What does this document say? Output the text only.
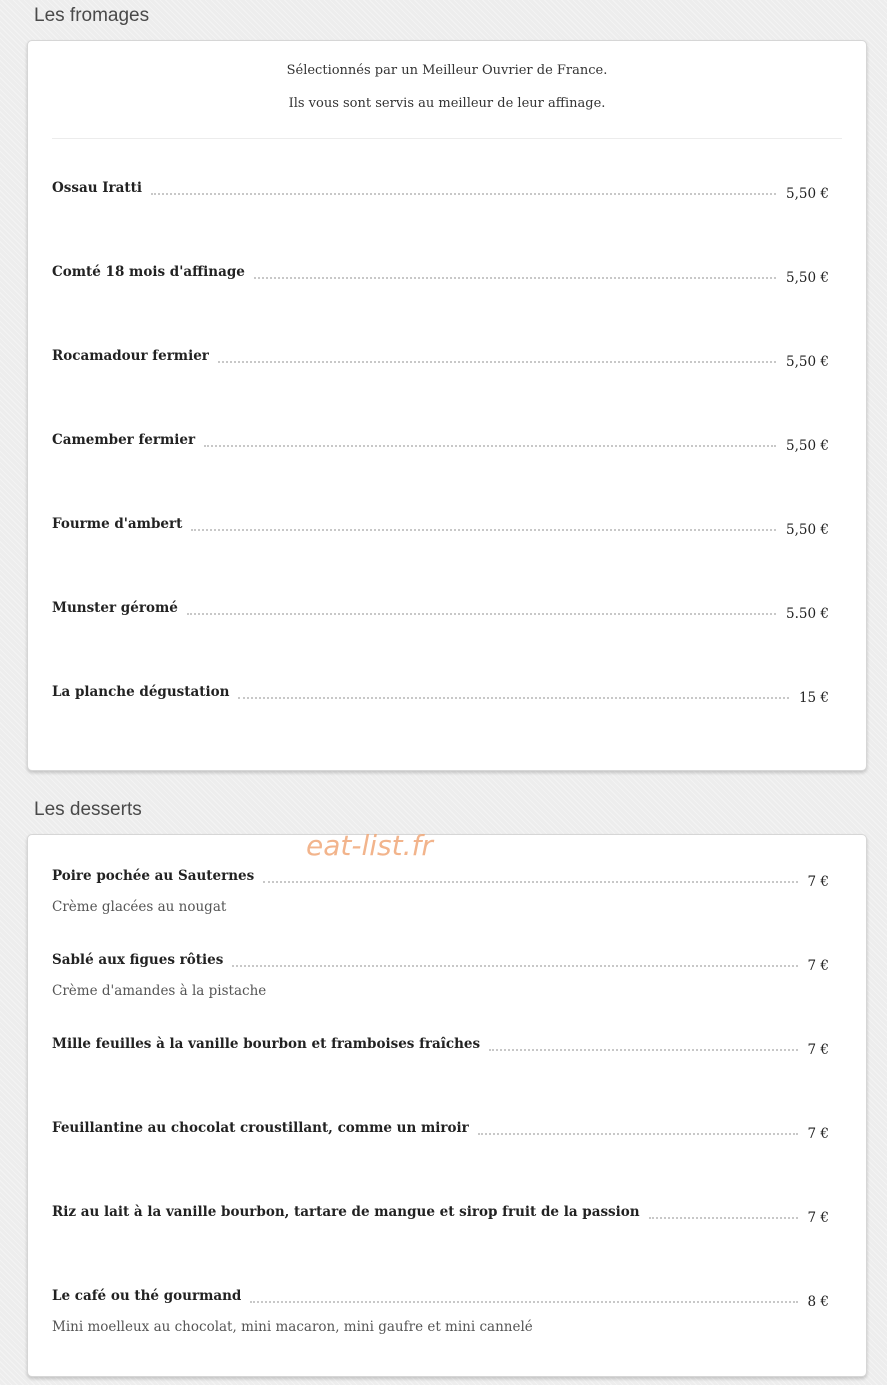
Les fromages

Sélectionnés par un Meilleur Ouvrier de France.

Ils vous sont servis au meilleur de leur affinage.

Ossau Iratti	5,50 €
Comté 18 mois d'affinage	5,50 €
Rocamadour fermier	5,50 €
Camember fermier	5,50 €
Fourme d'ambert	5,50 €
Munster géromé	5.50 €
La planche dégustation	15 €
Les desserts
Poire pochée au Sauternes	7 €
Crème glacées au nougat
Sablé aux figues rôties	7 €
Crème d'amandes à la pistache
Mille feuilles à la vanille bourbon et framboises fraîches	7 €
Feuillantine au chocolat croustillant, comme un miroir	7 €
Riz au lait à la vanille bourbon, tartare de mangue et sirop fruit de la passion	7 €
Le café ou thé gourmand	8 €
Mini moelleux au chocolat, mini macaron, mini gaufre et mini cannelé
eat-list.fr
